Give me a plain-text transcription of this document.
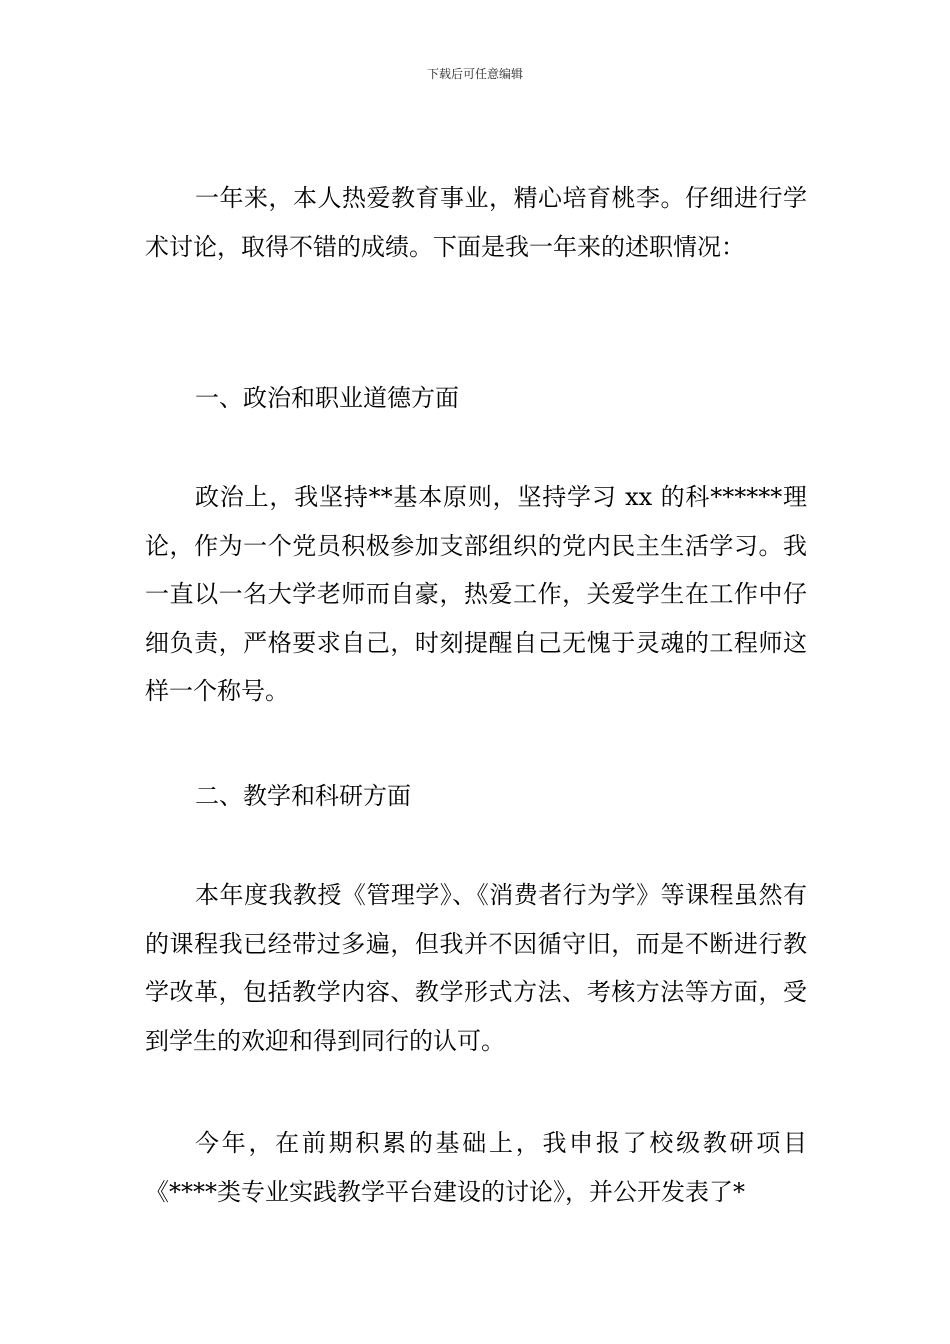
下载后可任意编辑

一年来，本人热爱教育事业，精心培育桃李。仔细进行学术讨论，取得不错的成绩。下面是我一年来的述职情况：

一、政治和职业道德方面

政治上，我坚持**基本原则，坚持学习 xx 的科******理论，作为一个党员积极参加支部组织的党内民主生活学习。我一直以一名大学老师而自豪，热爱工作，关爱学生在工作中仔细负责，严格要求自己，时刻提醒自己无愧于灵魂的工程师这样一个称号。

二、教学和科研方面

本年度我教授《管理学》、《消费者行为学》等课程虽然有的课程我已经带过多遍，但我并不因循守旧，而是不断进行教学改革，包括教学内容、教学形式方法、考核方法等方面，受到学生的欢迎和得到同行的认可。

今年，在前期积累的基础上，我申报了校级教研项目《****类专业实践教学平台建设的讨论》，并公开发表了*
